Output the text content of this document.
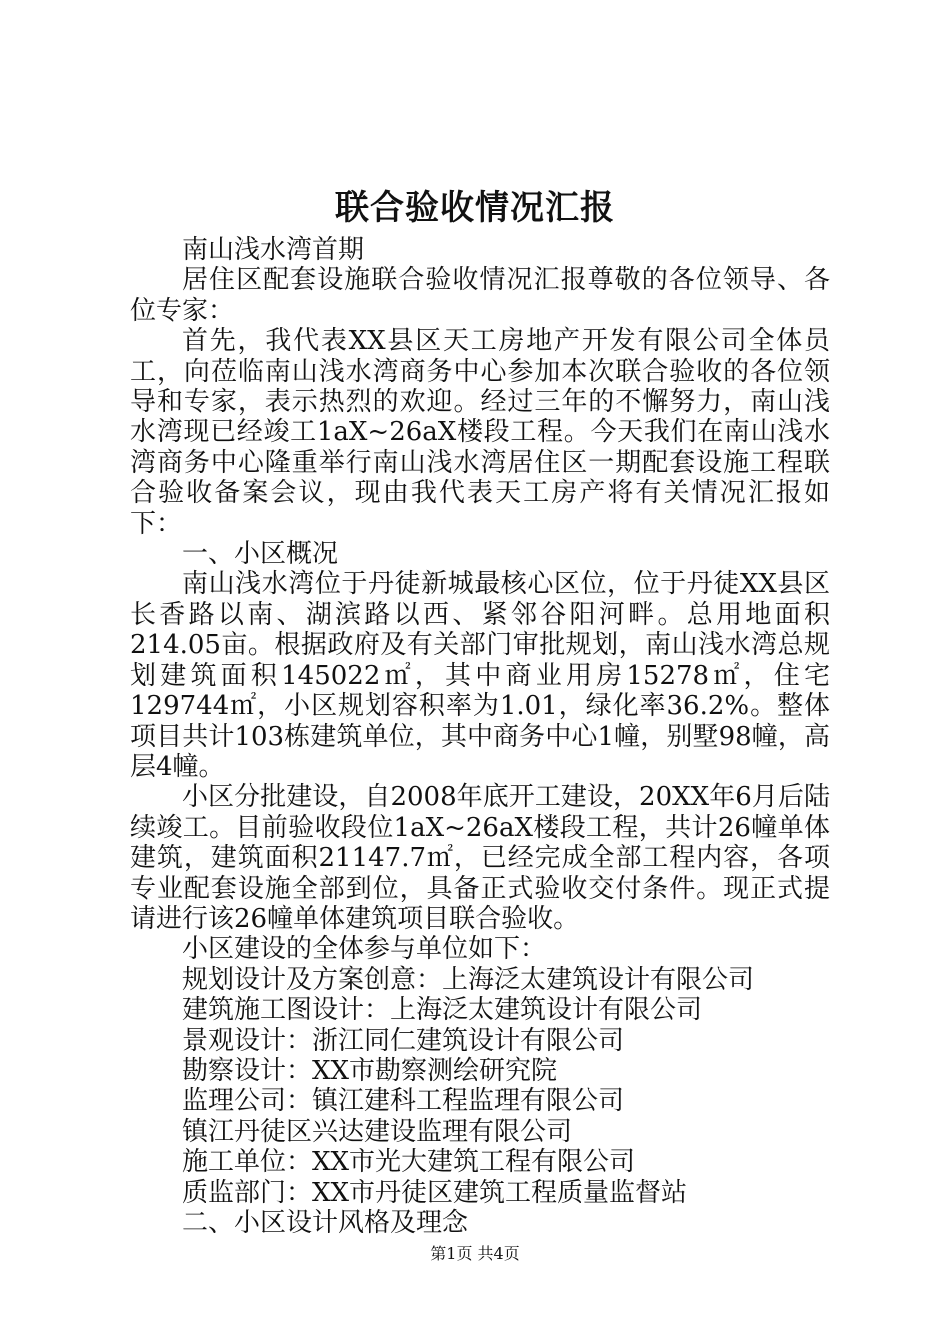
联合验收情况汇报

南山浅水湾首期

居住区配套设施联合验收情况汇报尊敬的各位领导、各位专家：

首先，我代表XX县区天工房地产开发有限公司全体员工，向莅临南山浅水湾商务中心参加本次联合验收的各位领导和专家，表示热烈的欢迎。经过三年的不懈努力，南山浅水湾现已经竣工1aX~26aX楼段工程。今天我们在南山浅水湾商务中心隆重举行南山浅水湾居住区一期配套设施工程联合验收备案会议，现由我代表天工房产将有关情况汇报如下：

一、小区概况

南山浅水湾位于丹徒新城最核心区位，位于丹徒XX县区长香路以南、湖滨路以西、紧邻谷阳河畔。总用地面积214.05亩。根据政府及有关部门审批规划，南山浅水湾总规划建筑面积145022㎡，其中商业用房15278㎡，住宅129744㎡，小区规划容积率为1.01，绿化率36.2%。整体项目共计103栋建筑单位，其中商务中心1幢，别墅98幢，高层4幢。

小区分批建设，自2008年底开工建设，20XX年6月后陆续竣工。目前验收段位1aX~26aX楼段工程，共计26幢单体建筑，建筑面积21147.7㎡，已经完成全部工程内容，各项专业配套设施全部到位，具备正式验收交付条件。现正式提请进行该26幢单体建筑项目联合验收。

小区建设的全体参与单位如下：

规划设计及方案创意：上海泛太建筑设计有限公司

建筑施工图设计：上海泛太建筑设计有限公司

景观设计：浙江同仁建筑设计有限公司

勘察设计：XX市勘察测绘研究院

监理公司：镇江建科工程监理有限公司

镇江丹徒区兴达建设监理有限公司

施工单位：XX市光大建筑工程有限公司

质监部门：XX市丹徒区建筑工程质量监督站

二、小区设计风格及理念

第1页 共4页
